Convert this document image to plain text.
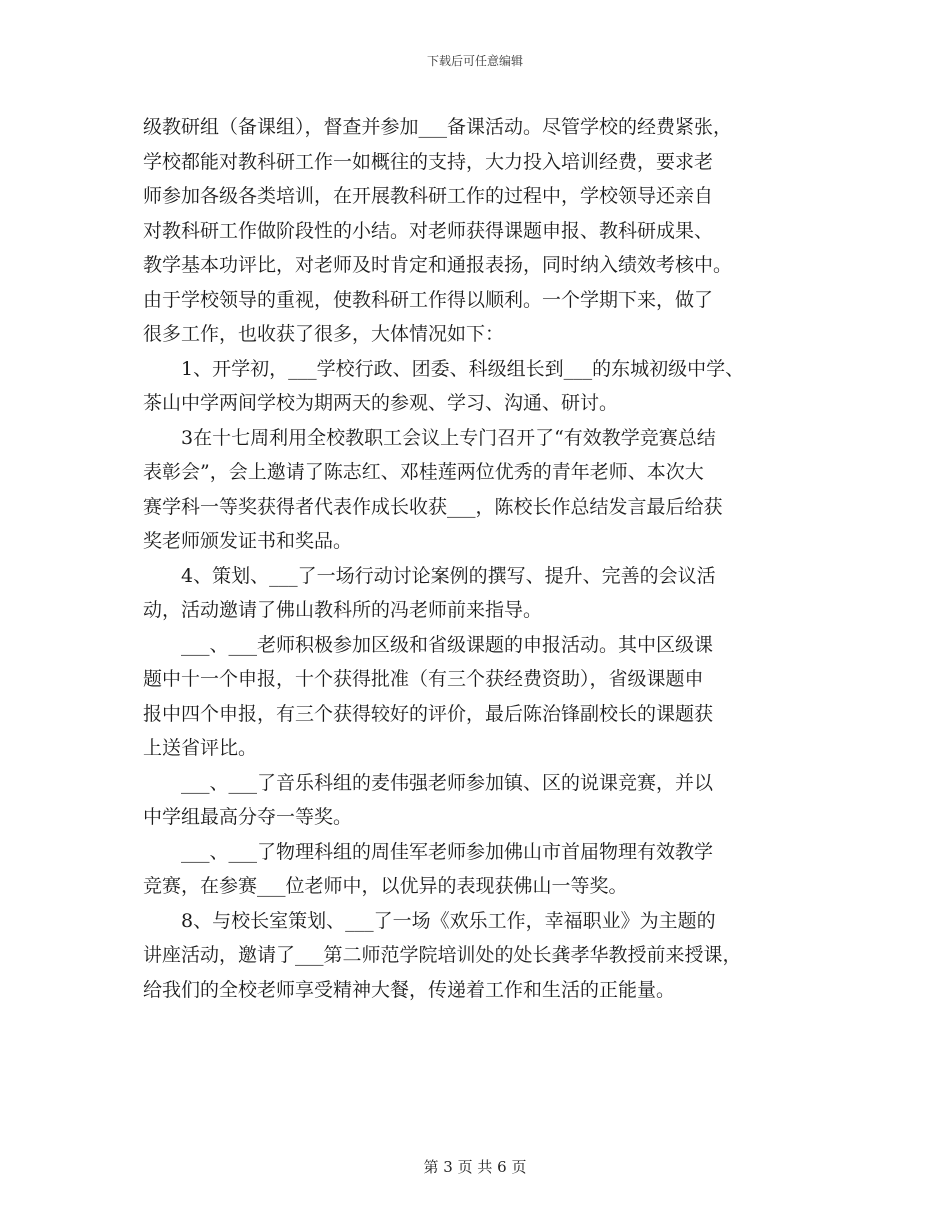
下载后可任意编辑
级教研组（备课组），督查并参加___备课活动。尽管学校的经费紧张，
学校都能对教科研工作一如概往的支持，大力投入培训经费，要求老
师参加各级各类培训，在开展教科研工作的过程中，学校领导还亲自
对教科研工作做阶段性的小结。对老师获得课题申报、教科研成果、
教学基本功评比，对老师及时肯定和通报表扬，同时纳入绩效考核中。
由于学校领导的重视，使教科研工作得以顺利。一个学期下来，做了
很多工作，也收获了很多，大体情况如下：
1、开学初，___学校行政、团委、科级组长到___的东城初级中学、
茶山中学两间学校为期两天的参观、学习、沟通、研讨。
3在十七周利用全校教职工会议上专门召开了“有效教学竞赛总结
表彰会”，会上邀请了陈志红、邓桂莲两位优秀的青年老师、本次大
赛学科一等奖获得者代表作成长收获___，陈校长作总结发言最后给获
奖老师颁发证书和奖品。
4、策划、___了一场行动讨论案例的撰写、提升、完善的会议活
动，活动邀请了佛山教科所的冯老师前来指导。
___、___老师积极参加区级和省级课题的申报活动。其中区级课
题中十一个申报，十个获得批准（有三个获经费资助），省级课题申
报中四个申报，有三个获得较好的评价，最后陈治锋副校长的课题获
上送省评比。
___、___了音乐科组的麦伟强老师参加镇、区的说课竞赛，并以
中学组最高分夺一等奖。
___、___了物理科组的周佳军老师参加佛山市首届物理有效教学
竞赛，在参赛___位老师中，以优异的表现获佛山一等奖。
8、与校长室策划、___了一场《欢乐工作，幸福职业》为主题的
讲座活动，邀请了___第二师范学院培训处的处长龚孝华教授前来授课，
给我们的全校老师享受精神大餐，传递着工作和生活的正能量。
第 3 页 共 6 页
